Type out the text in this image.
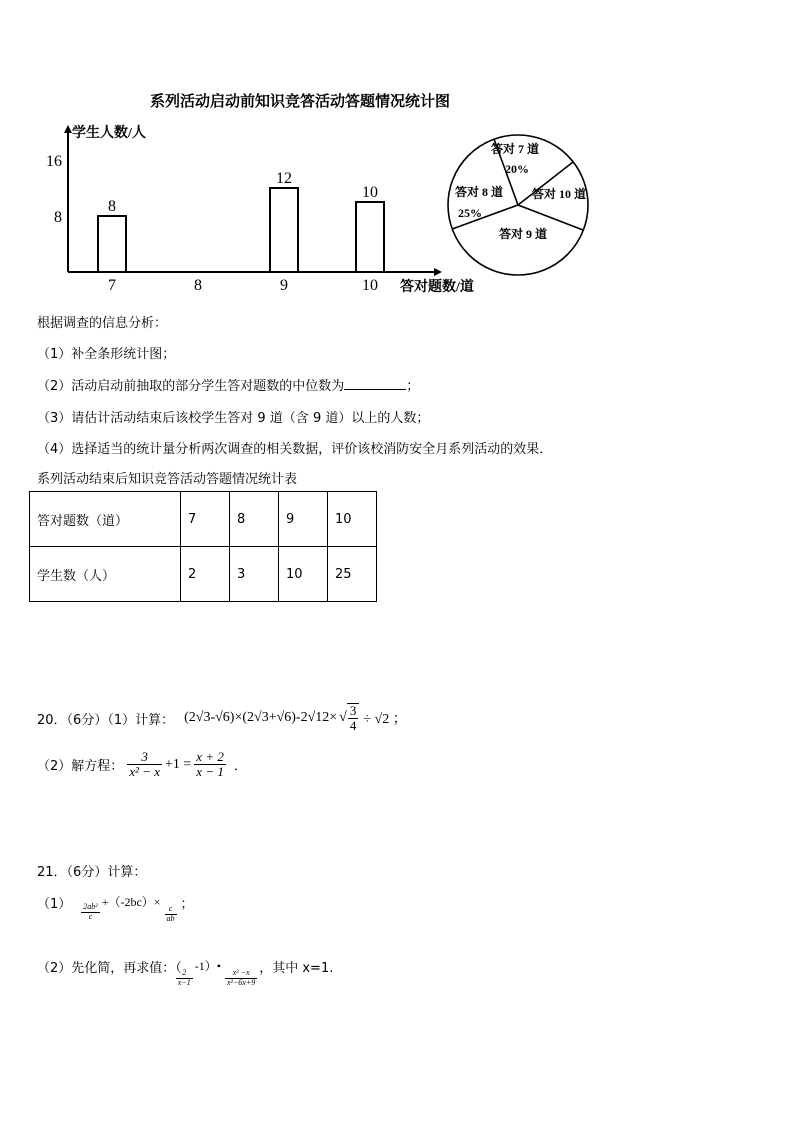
系列活动启动前知识竞答活动答题情况统计图
学生人数/人
答对题数/道
8
16
7
8
8	9
12
10
10
答对 7 道
20%
答对 8 道
25%
答对 9 道
答对 10 道
根据调查的信息分析：
（1）补全条形统计图；
（2）活动启动前抽取的部分学生答对题数的中位数为	；
（3）请估计活动结束后该校学生答对 9 道（含 9 道）以上的人数；
（4）选择适当的统计量分析两次调查的相关数据，评价该校消防安全月系列活动的效果．
系列活动结束后知识竞答活动答题情况统计表
答对题数（道）	7	8	9	10
学生数（人）	2	3	10	25
20．（6分）（1）计算： (2√3-√6)×(2√3+√6)-2√12× √ $\frac{3}{4} \div √2$ ；
（2）解方程： $\frac{3}{\text{x² − x}} +1 = \frac{x + 2}{x - 1}$ ．
21．（6分）计算：
$(1) \frac{\text{2ab²}}{c}$
+（-2bc）×
$\frac{c}{ab}$
；
（2）先化简，再求值：（
$\frac{2}{x-1}$
-1）•
$\frac{\text{x² −x}}{\text{x²−6x+9}}$
，其中 x=1.
